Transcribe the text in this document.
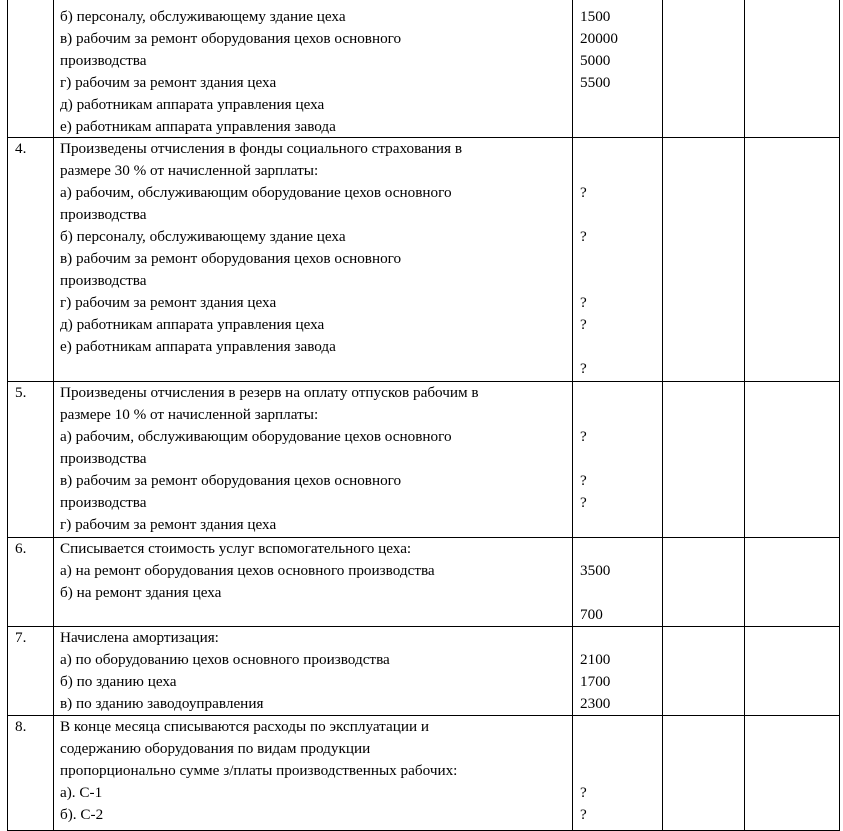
б) персоналу, обслуживающему здание цеха
в) рабочим за ремонт оборудования цехов основного
производства
г) рабочим за ремонт здания цеха
д) работникам аппарата управления цеха
е) работникам аппарата управления завода
1500
20000
5000
5500
4. Произведены отчисления в фонды социального страхования в
размере 30 % от начисленной зарплаты:
а) рабочим, обслуживающим оборудование цехов основного
производства
б) персоналу, обслуживающему здание цеха
в) рабочим за ремонт оборудования цехов основного
производства
г) рабочим за ремонт здания цеха
д) работникам аппарата управления цеха
е) работникам аппарата управления завода
?
?
?
?
?
5. Произведены отчисления в резерв на оплату отпусков рабочим в
размере 10 % от начисленной зарплаты:
а) рабочим, обслуживающим оборудование цехов основного
производства
в) рабочим за ремонт оборудования цехов основного
производства
г) рабочим за ремонт здания цеха
?
?
?
6. Списывается стоимость услуг вспомогательного цеха:
а) на ремонт оборудования цехов основного производства
б) на ремонт здания цеха
3500
700
7. Начислена амортизация:
а) по оборудованию цехов основного производства
б) по зданию цеха
в) по зданию заводоуправления
2100
1700
2300
8. В конце месяца списываются расходы по эксплуатации и
содержанию оборудования по видам продукции
пропорционально сумме з/платы производственных рабочих:
а). С-1
б). С-2
?
?
